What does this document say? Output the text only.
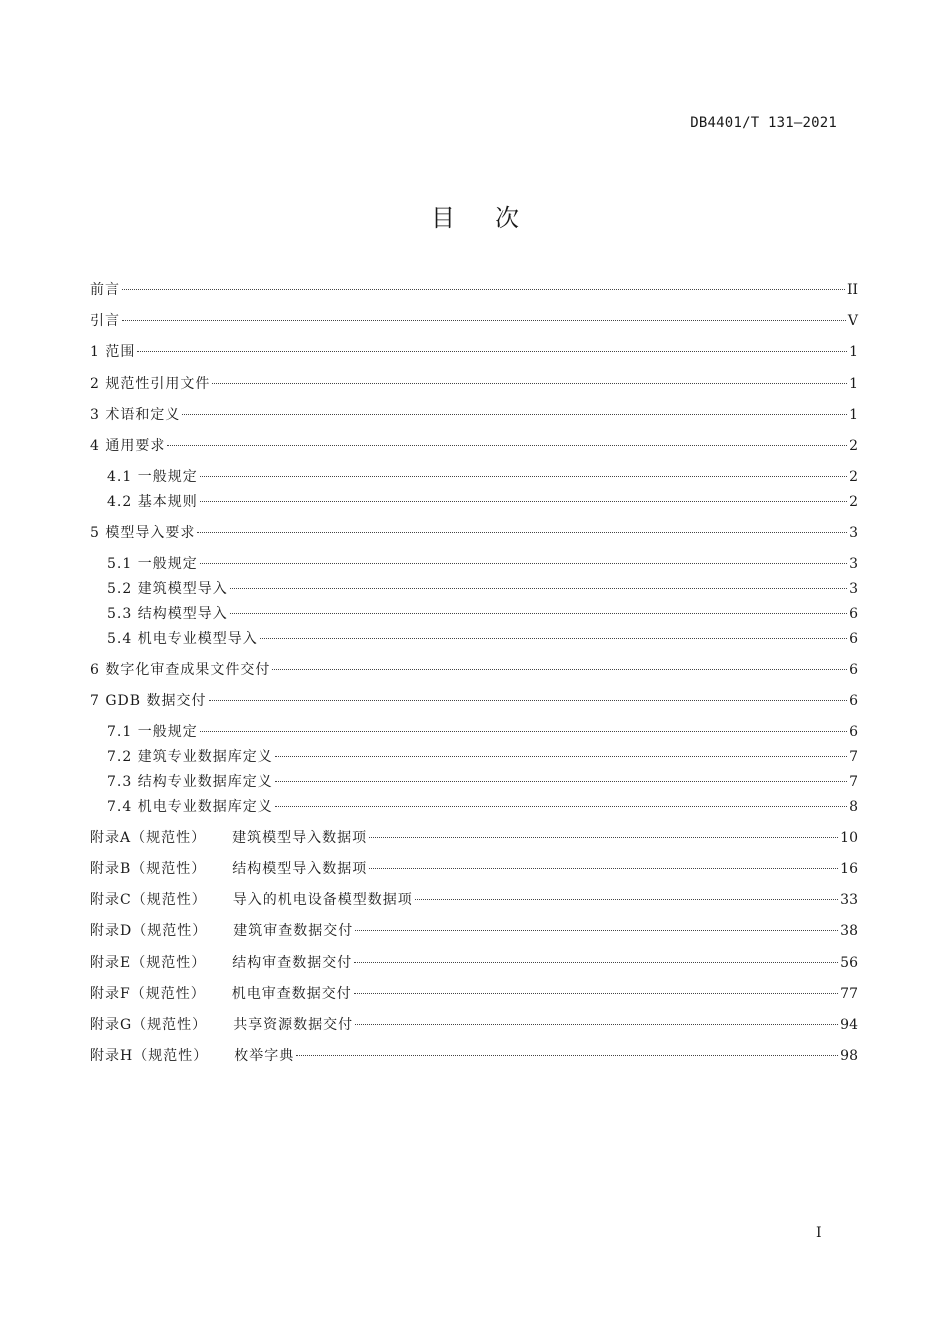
DB4401/T 131—2021
目次
前言	II
引言	V
1 范围	1
2 规范性引用文件	1
3 术语和定义	1
4 通用要求	2
4.1 一般规定	2
4.2 基本规则	2
5 模型导入要求	3
5.1 一般规定	3
5.2 建筑模型导入	3
5.3 结构模型导入	6
5.4 机电专业模型导入	6
6 数字化审查成果文件交付	6
7 GDB 数据交付	6
7.1 一般规定	6
7.2 建筑专业数据库定义	7
7.3 结构专业数据库定义	7
7.4 机电专业数据库定义	8
附录A（规范性） 建筑模型导入数据项	10
附录B（规范性） 结构模型导入数据项	16
附录C（规范性） 导入的机电设备模型数据项	33
附录D（规范性） 建筑审查数据交付	38
附录E（规范性） 结构审查数据交付	56
附录F（规范性） 机电审查数据交付	77
附录G（规范性） 共享资源数据交付	94
附录H（规范性） 枚举字典	98
I
